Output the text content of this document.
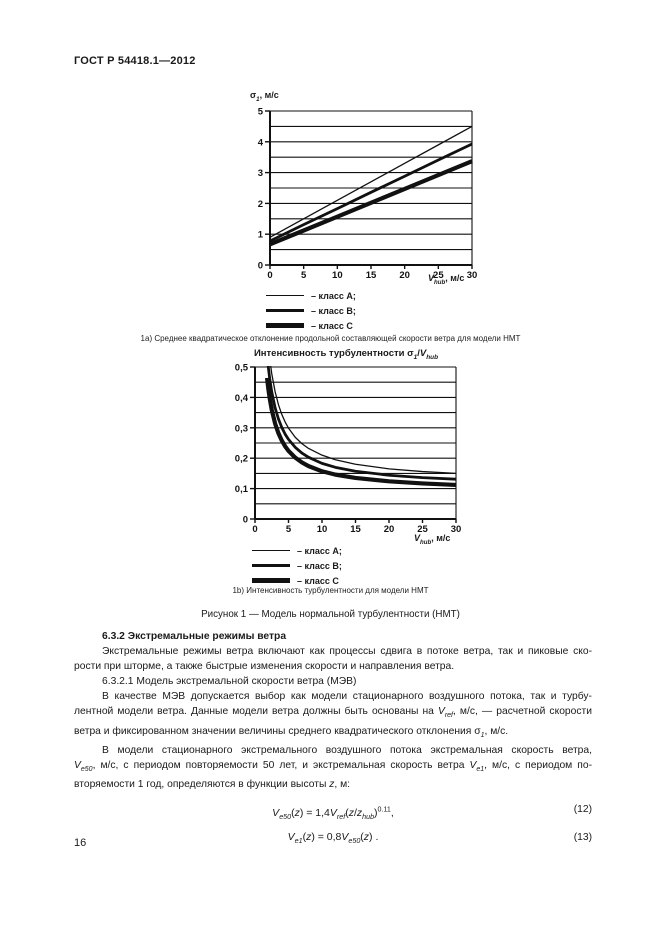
ГОСТ Р 54418.1—2012
$\sigma_1$, м/с
0	5	10 15 20 25 30
0
1
2
3
4
5
$V_{hub}$, м/с
– класс A;
– класс B;
– класс C
1а) Среднее квадратическое отклонение продольной составляющей скорости ветра для модели НМТ
Интенсивность турбулентности $\sigma_1/V_{hub}$
0	5	10 15 20 25 30
0
0,1
0,2
0,3
0,4
0,5
$V_{hub}$, м/с
– класс A;
– класс B;
– класс C
1b) Интенсивность турбулентности для модели НМТ
Рисунок 1 — Модель нормальной турбулентности (НМТ)
6.3.2 Экстремальные режимы ветра
Экстремальные режимы ветра включают как процессы сдвига в потоке ветра, так и пиковые ско-
рости при шторме, а также быстрые изменения скорости и направления ветра.
6.3.2.1 Модель экстремальной скорости ветра (МЭВ)
В качестве МЭВ допускается выбор как модели стационарного воздушного потока, так и турбу-
лентной модели ветра. Данные модели ветра должны быть основаны на $V_{ref}$, м/с, — расчетной скорости
ветра и фиксированном значении величины среднего квадратического отклонения $\sigma_1$, м/с.
В модели стационарного экстремального воздушного потока экстремальная скорость ветра,
$V_{e50}$, м/с, с периодом повторяемости 50 лет, и экстремальная скорость ветра $V_{e1}$, м/с, с периодом по-
вторяемости 1 год, определяются в функции высоты z, м:
$V_{e50}(z) = 1,4V_{ref}(z/z_{hub})^{0.11}$,	(12)
$V_{e1}(z) = 0,8V_{e50}(z)$ .	(13)
16
